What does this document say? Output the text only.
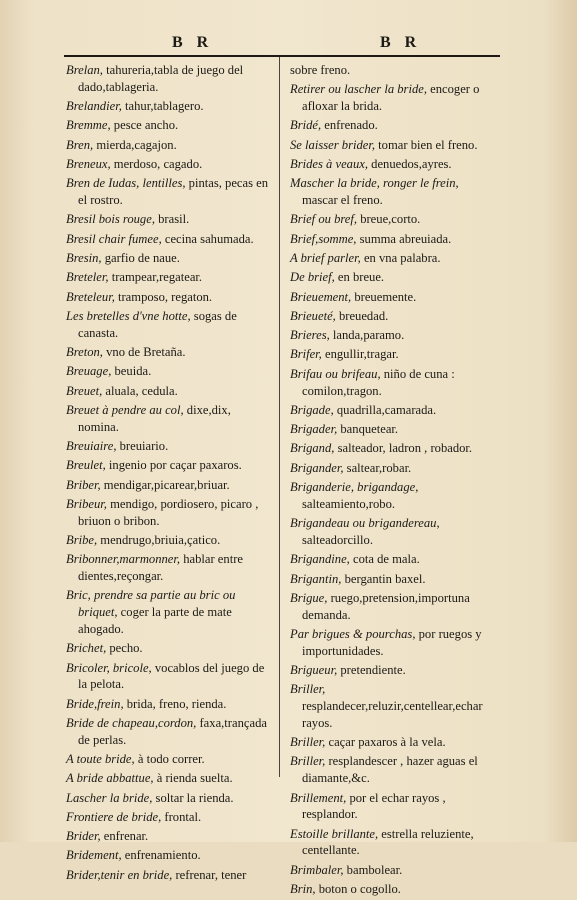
B R	B R
Brelan, tahureria,tabla de juego del dado,tablageria.
Brelandier, tahur,tablagero.
Bremme, pesce ancho.
Bren, mierda,cagajon.
Breneux, merdoso, cagado.
Bren de Iudas, lentilles, pintas, pecas en el rostro.
Bresil bois rouge, brasil.
Bresil chair fumee, cecina sahumada.
Bresin, garfio de naue.
Breteler, trampear,regatear.
Breteleur, tramposo, regaton.
Les bretelles d'vne hotte, sogas de canasta.
Breton, vno de Bretaña.
Breuage, beuida.
Breuet, aluala, cedula.
Breuet à pendre au col, dixe,dix, nomina.
Breuiaire, breuiario.
Breulet, ingenio por caçar paxaros.
Briber, mendigar,picarear,briuar.
Bribeur, mendigo, pordiosero, picaro , briuon o bribon.
Bribe, mendrugo,briuia,çatico.
Bribonner,marmonner, hablar entre dientes,reçongar.
Bric, prendre sa partie au bric ou briquet, coger la parte de mate ahogado.
Brichet, pecho.
Bricoler, bricole, vocablos del juego de la pelota.
Bride,frein, brida, freno, rienda.
Bride de chapeau,cordon, faxa,trançada de perlas.
A toute bride, à todo correr.
A bride abbattue, à rienda suelta.
Lascher la bride, soltar la rienda.
Frontiere de bride, frontal.
Brider, enfrenar.
Bridement, enfrenamiento.
Brider,tenir en bride, refrenar, tener
sobre freno.
Retirer ou lascher la bride, encoger o afloxar la brida.
Bridé, enfrenado.
Se laisser brider, tomar bien el freno.
Brides à veaux, denuedos,ayres.
Mascher la bride, ronger le frein, mascar el freno.
Brief ou bref, breue,corto.
Brief,somme, summa abreuiada.
A brief parler, en vna palabra.
De brief, en breue.
Brieuement, breuemente.
Brieueté, breuedad.
Brieres, landa,paramo.
Brifer, engullir,tragar.
Brifau ou brifeau, niño de cuna : comilon,tragon.
Brigade, quadrilla,camarada.
Brigader, banquetear.
Brigand, salteador, ladron , robador.
Brigander, saltear,robar.
Briganderie, brigandage, salteamiento,robo.
Brigandeau ou brigandereau, salteadorcillo.
Brigandine, cota de mala.
Brigantin, bergantin baxel.
Brigue, ruego,pretension,importuna demanda.
Par brigues & pourchas, por ruegos y importunidades.
Brigueur, pretendiente.
Briller, resplandecer,reluzir,centellear,echar rayos.
Briller, caçar paxaros à la vela.
Briller, resplandescer , hazer aguas el diamante,&c.
Brillement, por el echar rayos , resplandor.
Estoille brillante, estrella reluziente, centellante.
Brimbaler, bambolear.
Brin, boton o cogollo.
